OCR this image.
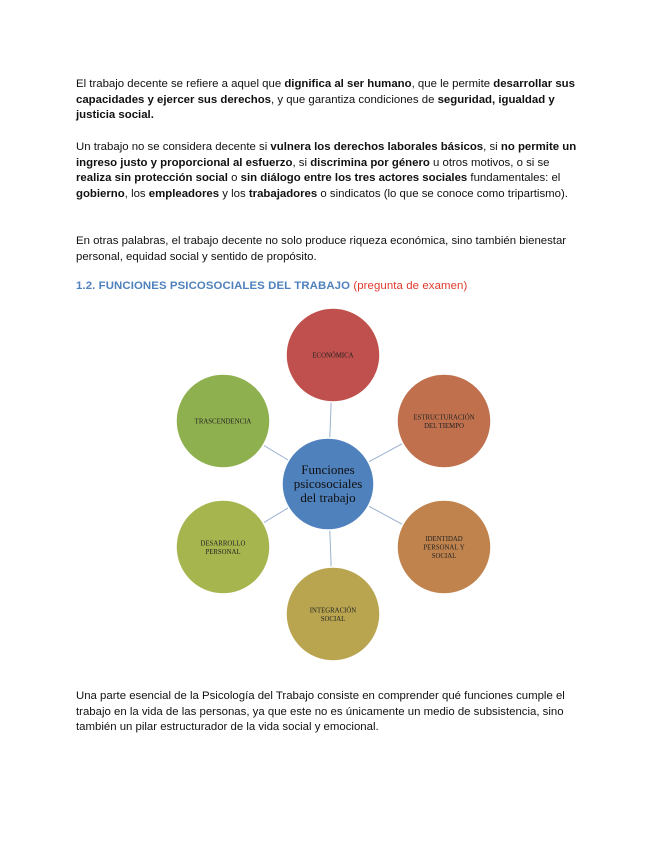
El trabajo decente se refiere a aquel que dignifica al ser humano, que le permite desarrollar sus capacidades y ejercer sus derechos, y que garantiza condiciones de seguridad, igualdad y justicia social.

Un trabajo no se considera decente si vulnera los derechos laborales básicos, si no permite un ingreso justo y proporcional al esfuerzo, si discrimina por género u otros motivos, o si se realiza sin protección social o sin diálogo entre los tres actores sociales fundamentales: el gobierno, los empleadores y los trabajadores o sindicatos (lo que se conoce como tripartismo).

En otras palabras, el trabajo decente no solo produce riqueza económica, sino también bienestar personal, equidad social y sentido de propósito.

1.2. FUNCIONES PSICOSOCIALES DEL TRABAJO (pregunta de examen)
ECONÓMICA
ESTRUCTURACIÓN
DEL TIEMPO
IDENTIDAD
PERSONAL Y
SOCIAL
INTEGRACIÓN
SOCIAL
DESARROLLO
PERSONAL
TRASCENDENCIA
Funciones
psicosociales
del trabajo

Una parte esencial de la Psicología del Trabajo consiste en comprender qué funciones cumple el trabajo en la vida de las personas, ya que este no es únicamente un medio de subsistencia, sino también un pilar estructurador de la vida social y emocional.
